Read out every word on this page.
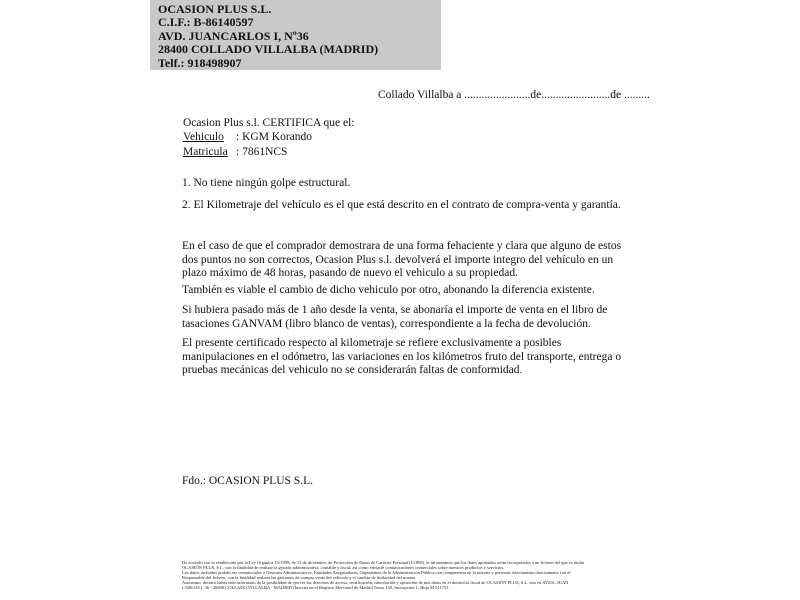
OCASION PLUS S.L.
C.I.F.: B-86140597
AVD. JUANCARLOS I, Nº36
28400 COLLADO VILLALBA (MADRID)
Telf.: 918498907
Collado Villalba a .......................de........................de .........
Ocasion Plus s.l. CERTIFICA que el:
Vehiculo : KGM Korando
Matricula : 7861NCS
1. No tiene ningún golpe estructural.
2. El Kilometraje del vehículo es el que está descrito en el contrato de compra-venta y garantía.
En el caso de que el comprador demostrara de una forma fehaciente y clara que alguno de estos dos puntos no son correctos, Ocasion Plus s.l. devolverá el importe integro del vehículo en un plazo máximo de 48 horas, pasando de nuevo el vehiculo a su propiedad.
También es viable el cambio de dicho vehiculo por otro, abonando la diferencia existente.
Si hubiera pasado más de 1 año desde la venta, se abonaría el importe de venta en el libro de tasaciones GANVAM (libro blanco de ventas), correspondiente a la fecha de devolución.
El presente certificado respecto al kilometraje se refiere exclusivamente a posibles manipulaciones en el odómetro, las variaciones en los kilómetros fruto del transporte, entrega o pruebas mecánicas del vehiculo no se considerarán faltas de conformidad.
Fdo.: OCASION PLUS S.L.
De acuerdo con lo establecido por la Ley Orgánica 15/1999, de 13 de diciembre, de Protección de Datos de Carácter Personal (LOPD), le informamos que los datos aportados serán incorporados a un fichero del que es titular
OCASIÓN PLUS, S.L. con la finalidad de realizar la gestión administrativa, contable y fiscal, así como enviarle comunicaciones comerciales sobre nuestros productos y servicios.
Los datos incluidos podrán ser comunicados a Gestores Administrativos, Entidades Aseguradoras, Organismos de la Administración Pública con competencia en la materia y personas relacionadas directamente con el
Responsable del fichero, con la finalidad realizar las gestiones de compra venta del vehículo y el cambio de titularidad del mismo.
Asimismo, declaro haber sido informado de la posibilidad de ejercer los derechos de acceso, rectificación, cancelación y oposición de mis datos en el domicilio fiscal de OCASIÓN PLUS, S.L. sito en AVDA. JUAN
CARLOS I, 36 - 28400 COLLADO VILLALBA - MADRID (Inscrita en el Registro Mercantil de Madrid Tomo 150, Inscripción 1, Hoja M 511731.
